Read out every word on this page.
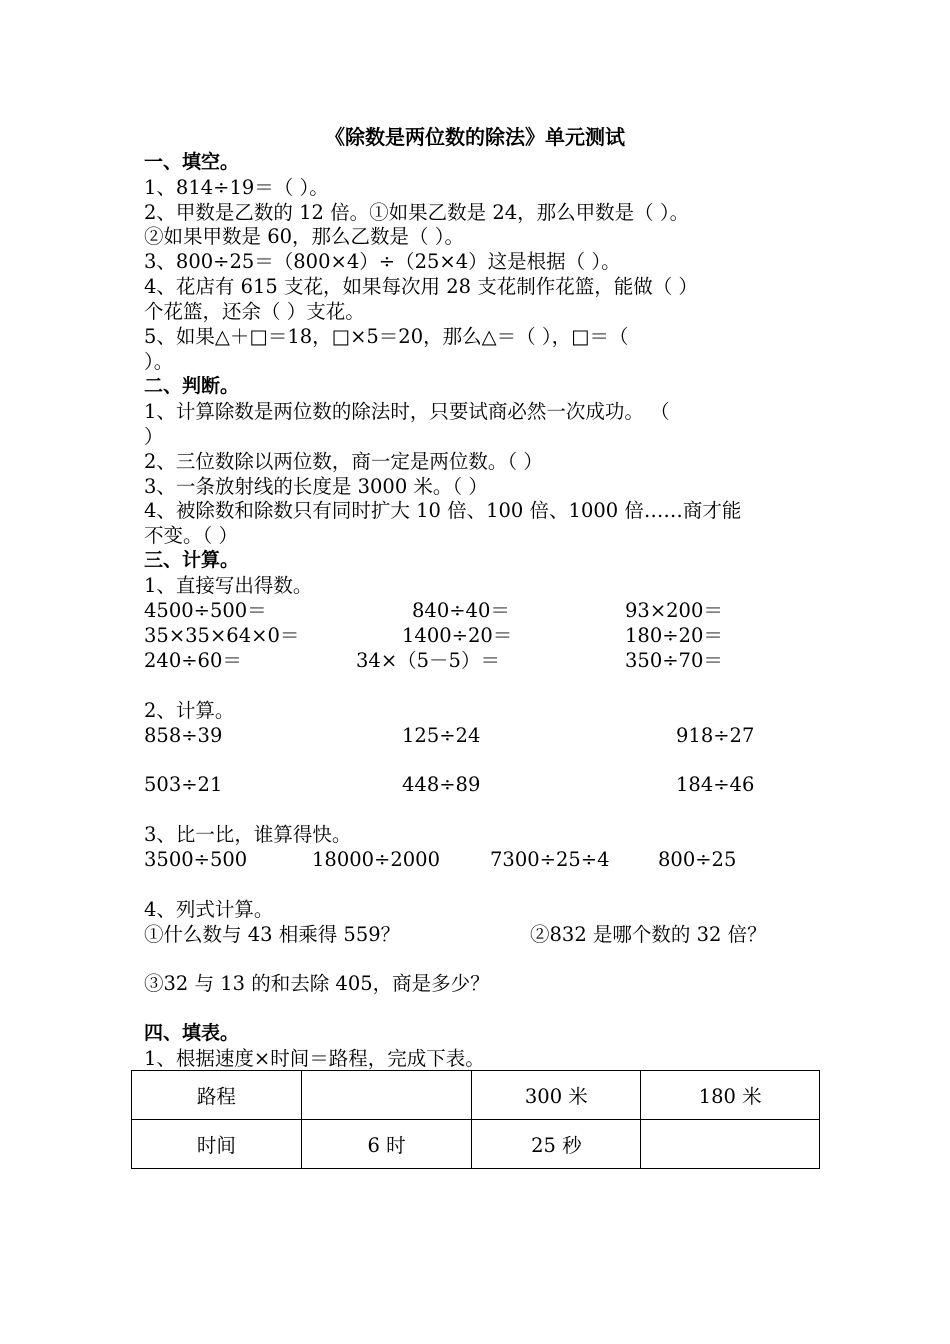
《除数是两位数的除法》单元测试
一、填空。
1、814÷19＝（ ）。
2、甲数是乙数的 12 倍。①如果乙数是 24，那么甲数是（ ）。
②如果甲数是 60，那么乙数是（ ）。
3、800÷25＝（800×4）÷（25×4）这是根据（ ）。
4、花店有 615 支花，如果每次用 28 支花制作花篮，能做（ ）
个花篮，还余（ ）支花。
5、如果△＋□＝18，□×5＝20，那么△＝（ ），□＝（
）。
二、判断。
1、计算除数是两位数的除法时，只要试商必然一次成功。 （
）
2、三位数除以两位数，商一定是两位数。（ ）
3、一条放射线的长度是 3000 米。（ ）
4、被除数和除数只有同时扩大 10 倍、100 倍、1000 倍……商才能
不变。（ ）
三、计算。
1、直接写出得数。
4500÷500＝	840÷40＝	93×200＝
35×35×64×0＝	1400÷20＝	180÷20＝
240÷60＝	34×（5－5）＝	350÷70＝
2、计算。
858÷39	125÷24	918÷27
503÷21	448÷89	184÷46
3、比一比，谁算得快。
3500÷500	18000÷2000	7300÷25÷4 800÷25
4、列式计算。
①什么数与 43 相乘得 559？	②832 是哪个数的 32 倍？
③32 与 13 的和去除 405，商是多少？
四、填表。
1、根据速度×时间＝路程，完成下表。
路程		300 米	180 米
时间	6 时	25 秒	
